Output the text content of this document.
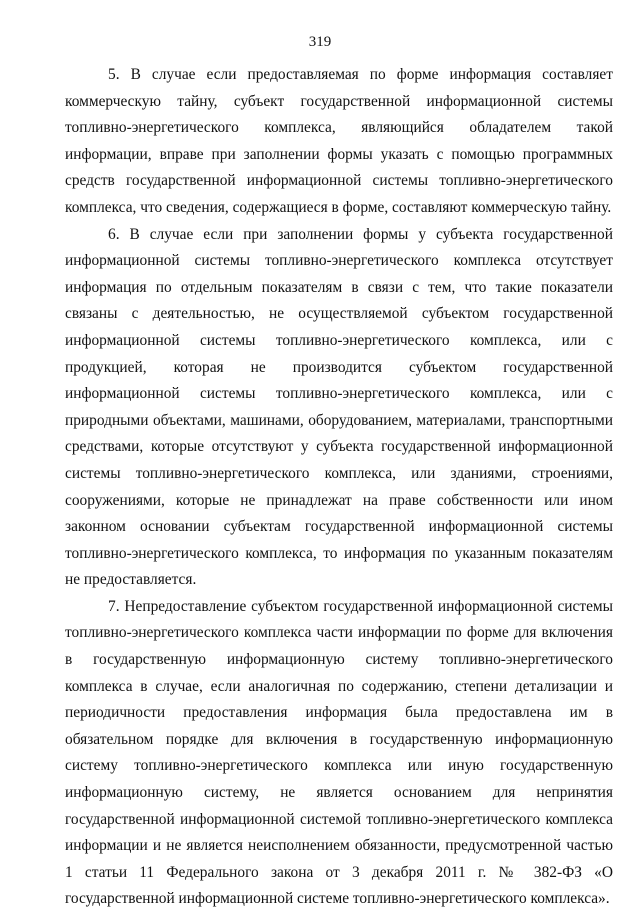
319

5. В случае если предоставляемая по форме информация составляет коммерческую тайну, субъект государственной информационной системы топливно-энергетического комплекса, являющийся обладателем такой информации, вправе при заполнении формы указать с помощью программных средств государственной информационной системы топливно-энергетического комплекса, что сведения, содержащиеся в форме, составляют коммерческую тайну.

6. В случае если при заполнении формы у субъекта государственной информационной системы топливно-энергетического комплекса отсутствует информация по отдельным показателям в связи с тем, что такие показатели связаны с деятельностью, не осуществляемой субъектом государственной информационной системы топливно-энергетического комплекса, или с продукцией, которая не производится субъектом государственной информационной системы топливно-энергетического комплекса, или с природными объектами, машинами, оборудованием, материалами, транспортными средствами, которые отсутствуют у субъекта государственной информационной системы топливно-энергетического комплекса, или зданиями, строениями, сооружениями, которые не принадлежат на праве собственности или ином законном основании субъектам государственной информационной системы топливно-энергетического комплекса, то информация по указанным показателям не предоставляется.

7. Непредоставление субъектом государственной информационной системы топливно-энергетического комплекса части информации по форме для включения в государственную информационную систему топливно-энергетического комплекса в случае, если аналогичная по содержанию, степени детализации и периодичности предоставления информация была предоставлена им в обязательном порядке для включения в государственную информационную систему топливно-энергетического комплекса или иную государственную информационную систему, не является основанием для непринятия государственной информационной системой топливно-энергетического комплекса информации и не является неисполнением обязанности, предусмотренной частью 1 статьи 11 Федерального закона от 3 декабря 2011 г. № 382-ФЗ «О государственной информационной системе топливно-энергетического комплекса».
